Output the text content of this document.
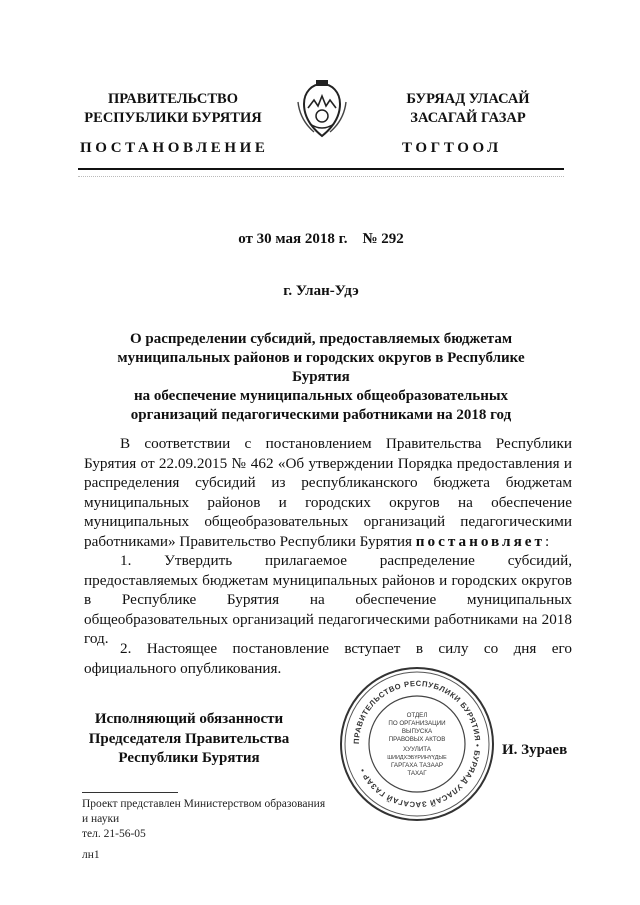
ПРАВИТЕЛЬСТВО
РЕСПУБЛИКИ БУРЯТИЯ
БУРЯАД УЛАСАЙ
ЗАСАГАЙ ГАЗАР
ПОСТАНОВЛЕНИЕ	ТОГТООЛ
от 30 мая 2018 г.    № 292
г. Улан-Удэ
О распределении субсидий, предоставляемых бюджетам
муниципальных районов и городских округов в Республике Бурятия
на обеспечение муниципальных общеобразовательных
организаций педагогическими работниками на 2018 год

В соответствии с постановлением Правительства Республики Бурятия от 22.09.2015 № 462 «Об утверждении Порядка предоставления и распределения субсидий из республиканского бюджета бюджетам муниципальных районов и городских округов на обеспечение муниципальных общеобразовательных организаций педагогическими работниками» Правительство Республики Бурятия постановляет:

1. Утвердить прилагаемое распределение субсидий, предоставляемых бюджетам муниципальных районов и городских округов в Республике Бурятия на обеспечение муниципальных общеобразовательных организаций педагогическими работниками на 2018 год.

2. Настоящее постановление вступает в силу со дня его официального опубликования.

Исполняющий обязанности
Председателя Правительства
Республики Бурятия	И. Зураев
ПРАВИТЕЛЬСТВО РЕСПУБЛИКИ БУРЯТИЯ • БУРЯАД УЛАСАЙ ЗАСАГАЙ ГАЗАР •
ОТДЕЛ
ПО ОРГАНИЗАЦИИ
ВЫПУСКА
ПРАВОВЫХ АКТОВ
ХУУЛИТА
ШИИДХЭБҮРИНҮҮДЫЕ
ГАРГАХА ТАЗААР
ТАХАГ
Проект представлен Министерством образования
и науки
тел. 21-56-05
лн1
